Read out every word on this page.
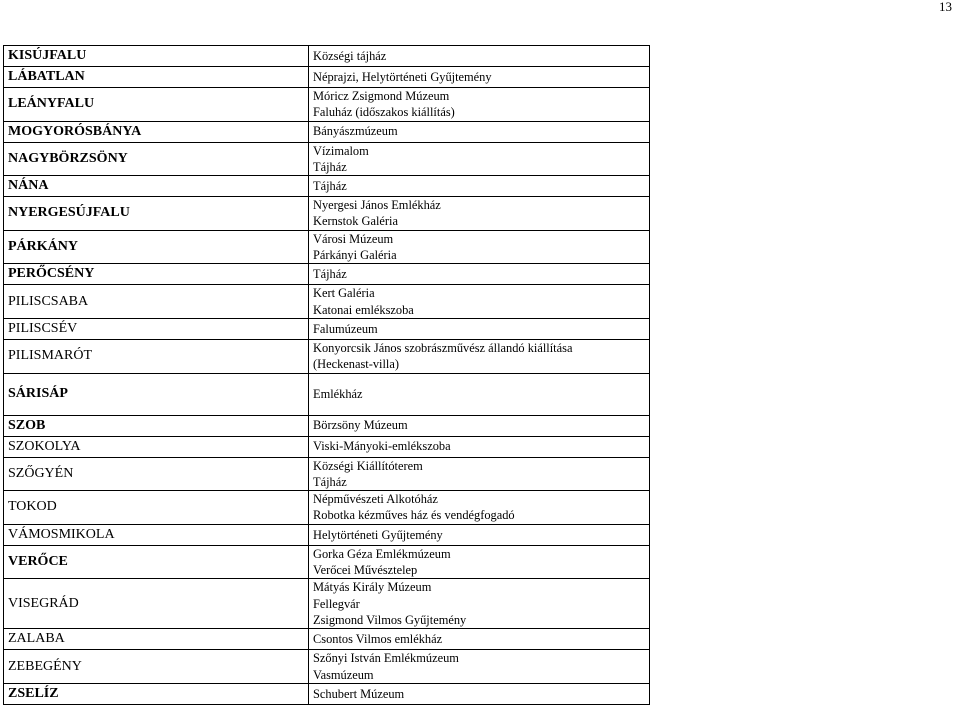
13
KISÚJFALU	Községi tájház

LÁBATLAN	Néprajzi, Helytörténeti Gyűjtemény

LEÁNYFALU	Móricz Zsigmond Múzeum
Faluház (időszakos kiállítás)

MOGYORÓSBÁNYA	Bányászmúzeum

NAGYBÖRZSÖNY	Vízimalom
Tájház

NÁNA	Tájház

NYERGESÚJFALU	Nyergesi János Emlékház
Kernstok Galéria

PÁRKÁNY	Városi Múzeum
Párkányi Galéria

PERŐCSÉNY	Tájház

PILISCSABA	Kert Galéria
Katonai emlékszoba

PILISCSÉV	Falumúzeum

PILISMARÓT	Konyorcsik János szobrászművész állandó kiállítása
(Heckenast-villa)

SÁRISÁP	Emlékház

SZOB	Börzsöny Múzeum

SZOKOLYA	Viski-Mányoki-emlékszoba

SZŐGYÉN	Községi Kiállítóterem
Tájház

TOKOD	Népművészeti Alkotóház
Robotka kézműves ház és vendégfogadó

VÁMOSMIKOLA	Helytörténeti Gyűjtemény

VERŐCE	Gorka Géza Emlékmúzeum
Verőcei Művésztelep

VISEGRÁD	Mátyás Király Múzeum
Fellegvár
Zsigmond Vilmos Gyűjtemény

ZALABA	Csontos Vilmos emlékház

ZEBEGÉNY	Szőnyi István Emlékmúzeum
Vasmúzeum

ZSELÍZ	Schubert Múzeum
